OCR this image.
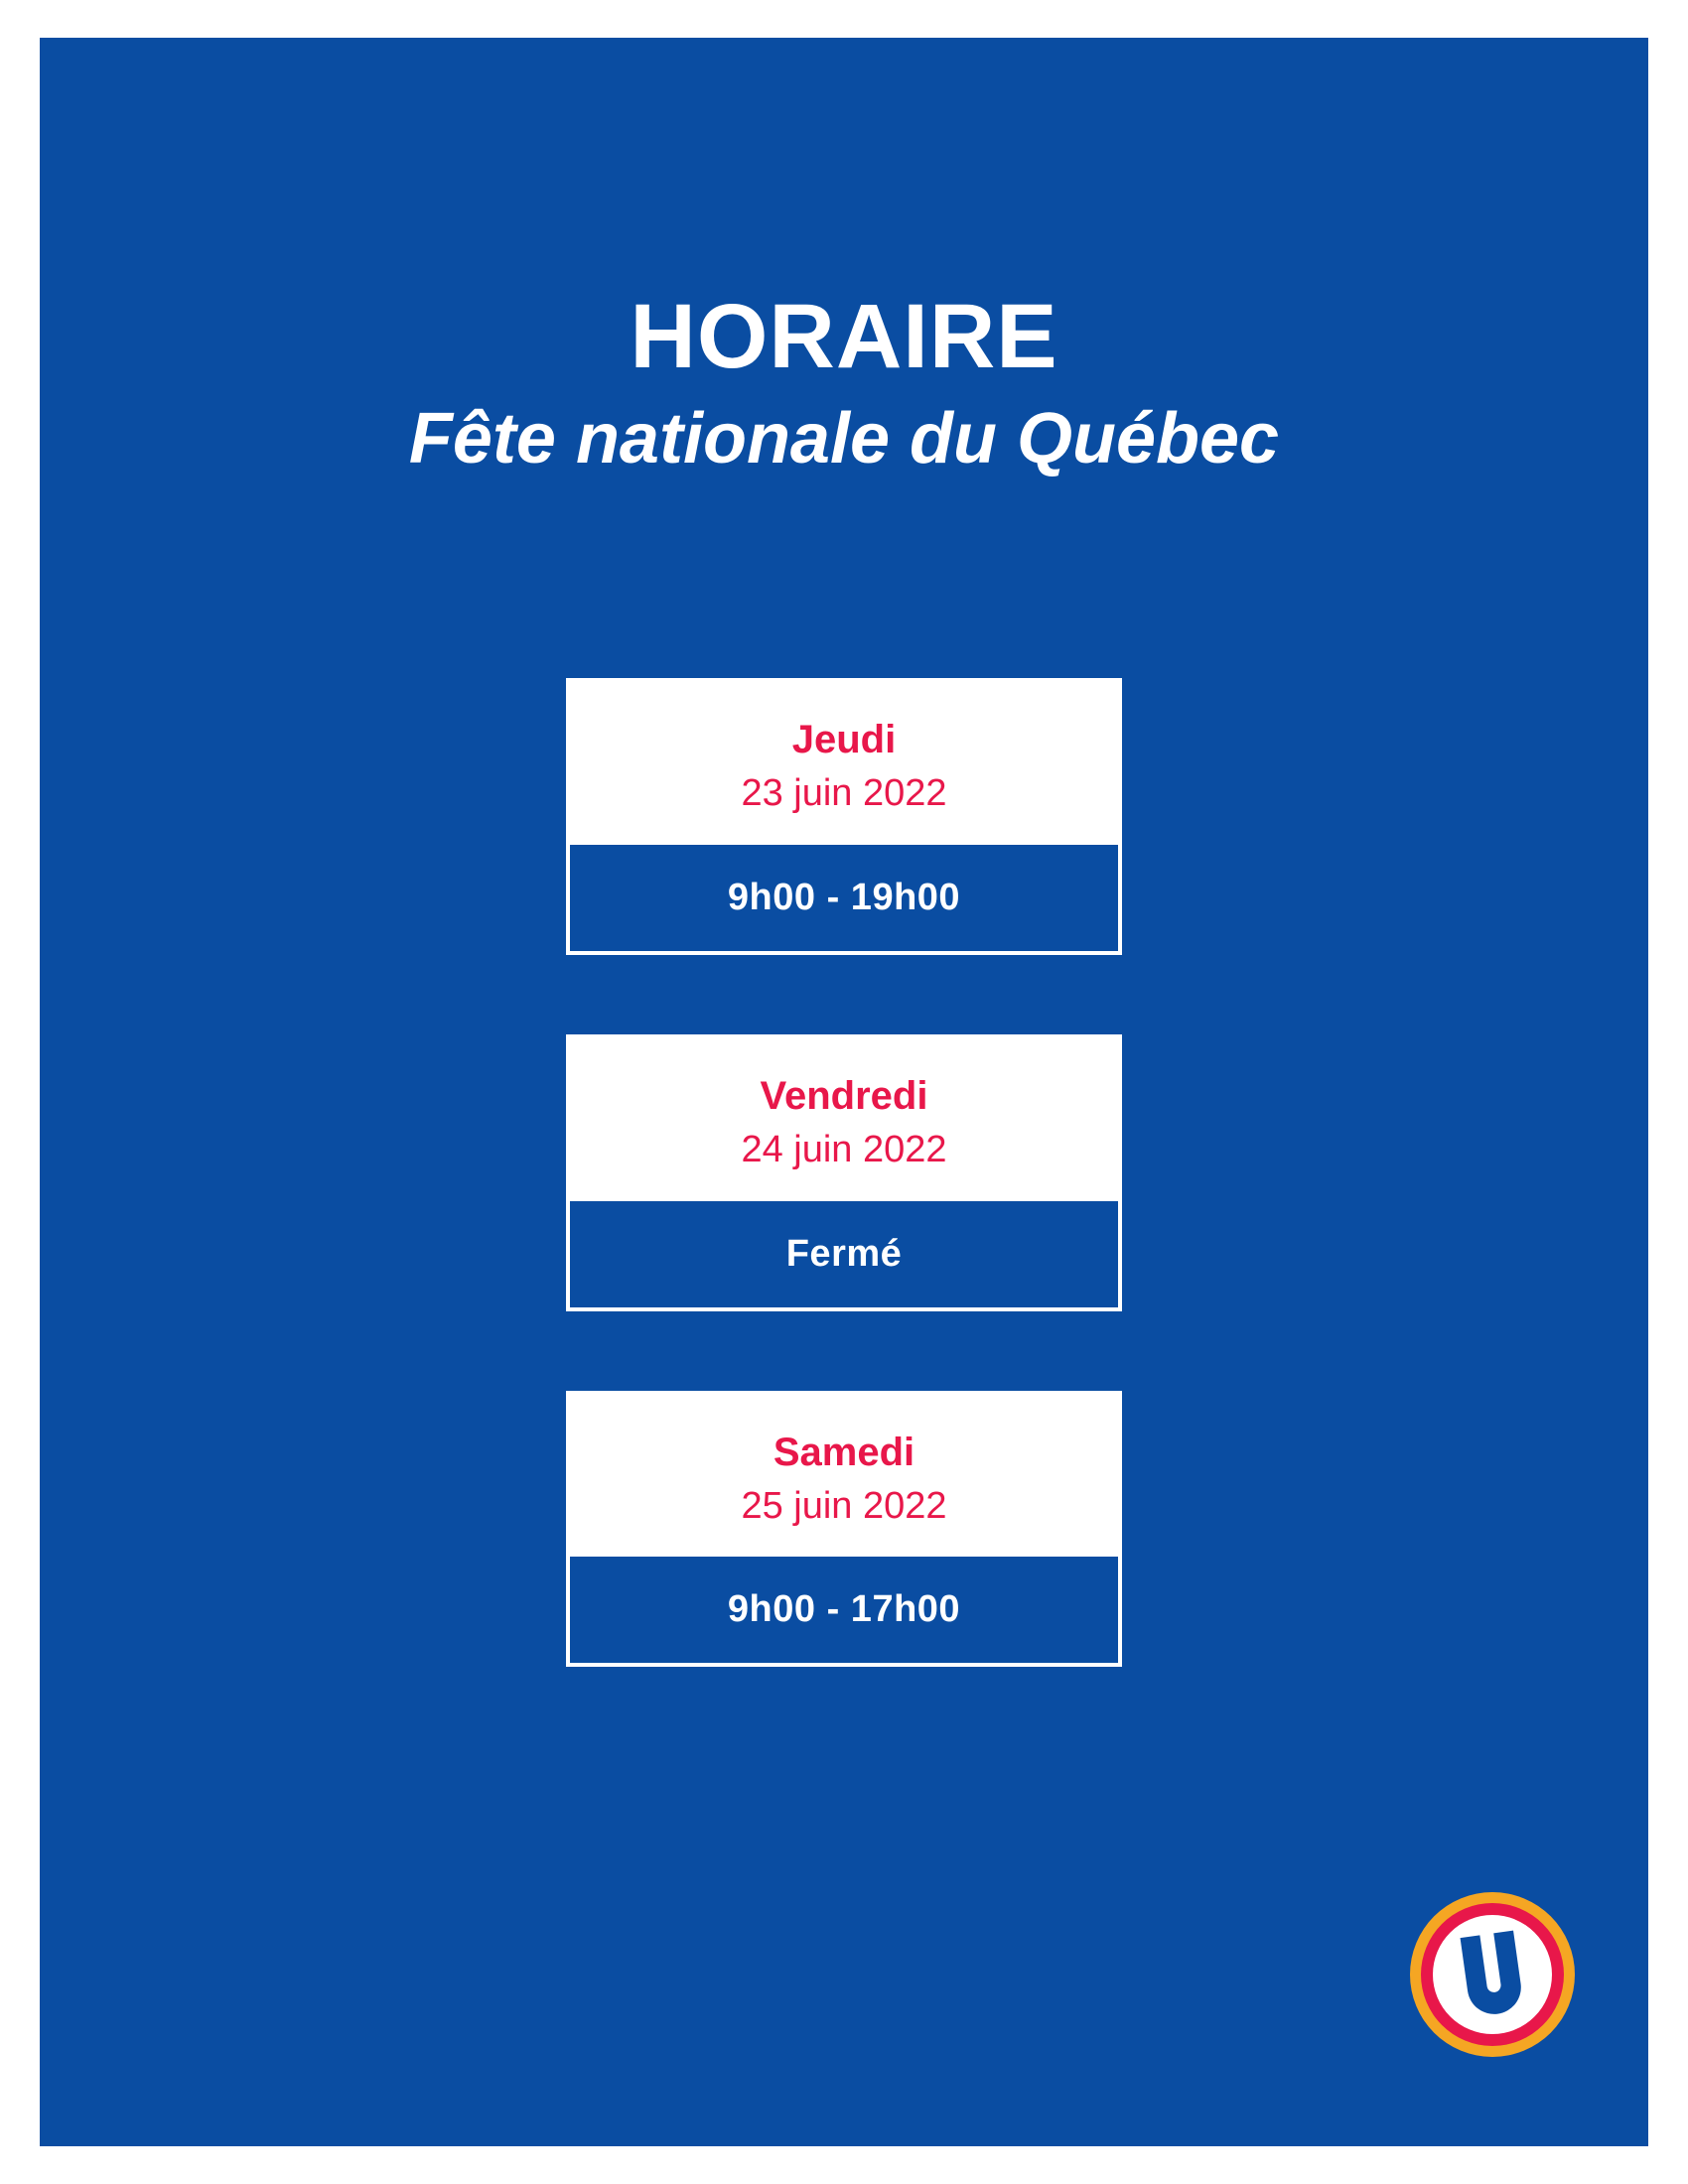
HORAIRE
Fête nationale du Québec
Jeudi
23 juin 2022
9h00 - 19h00
Vendredi
24 juin 2022
Fermé
Samedi
25 juin 2022
9h00 - 17h00
